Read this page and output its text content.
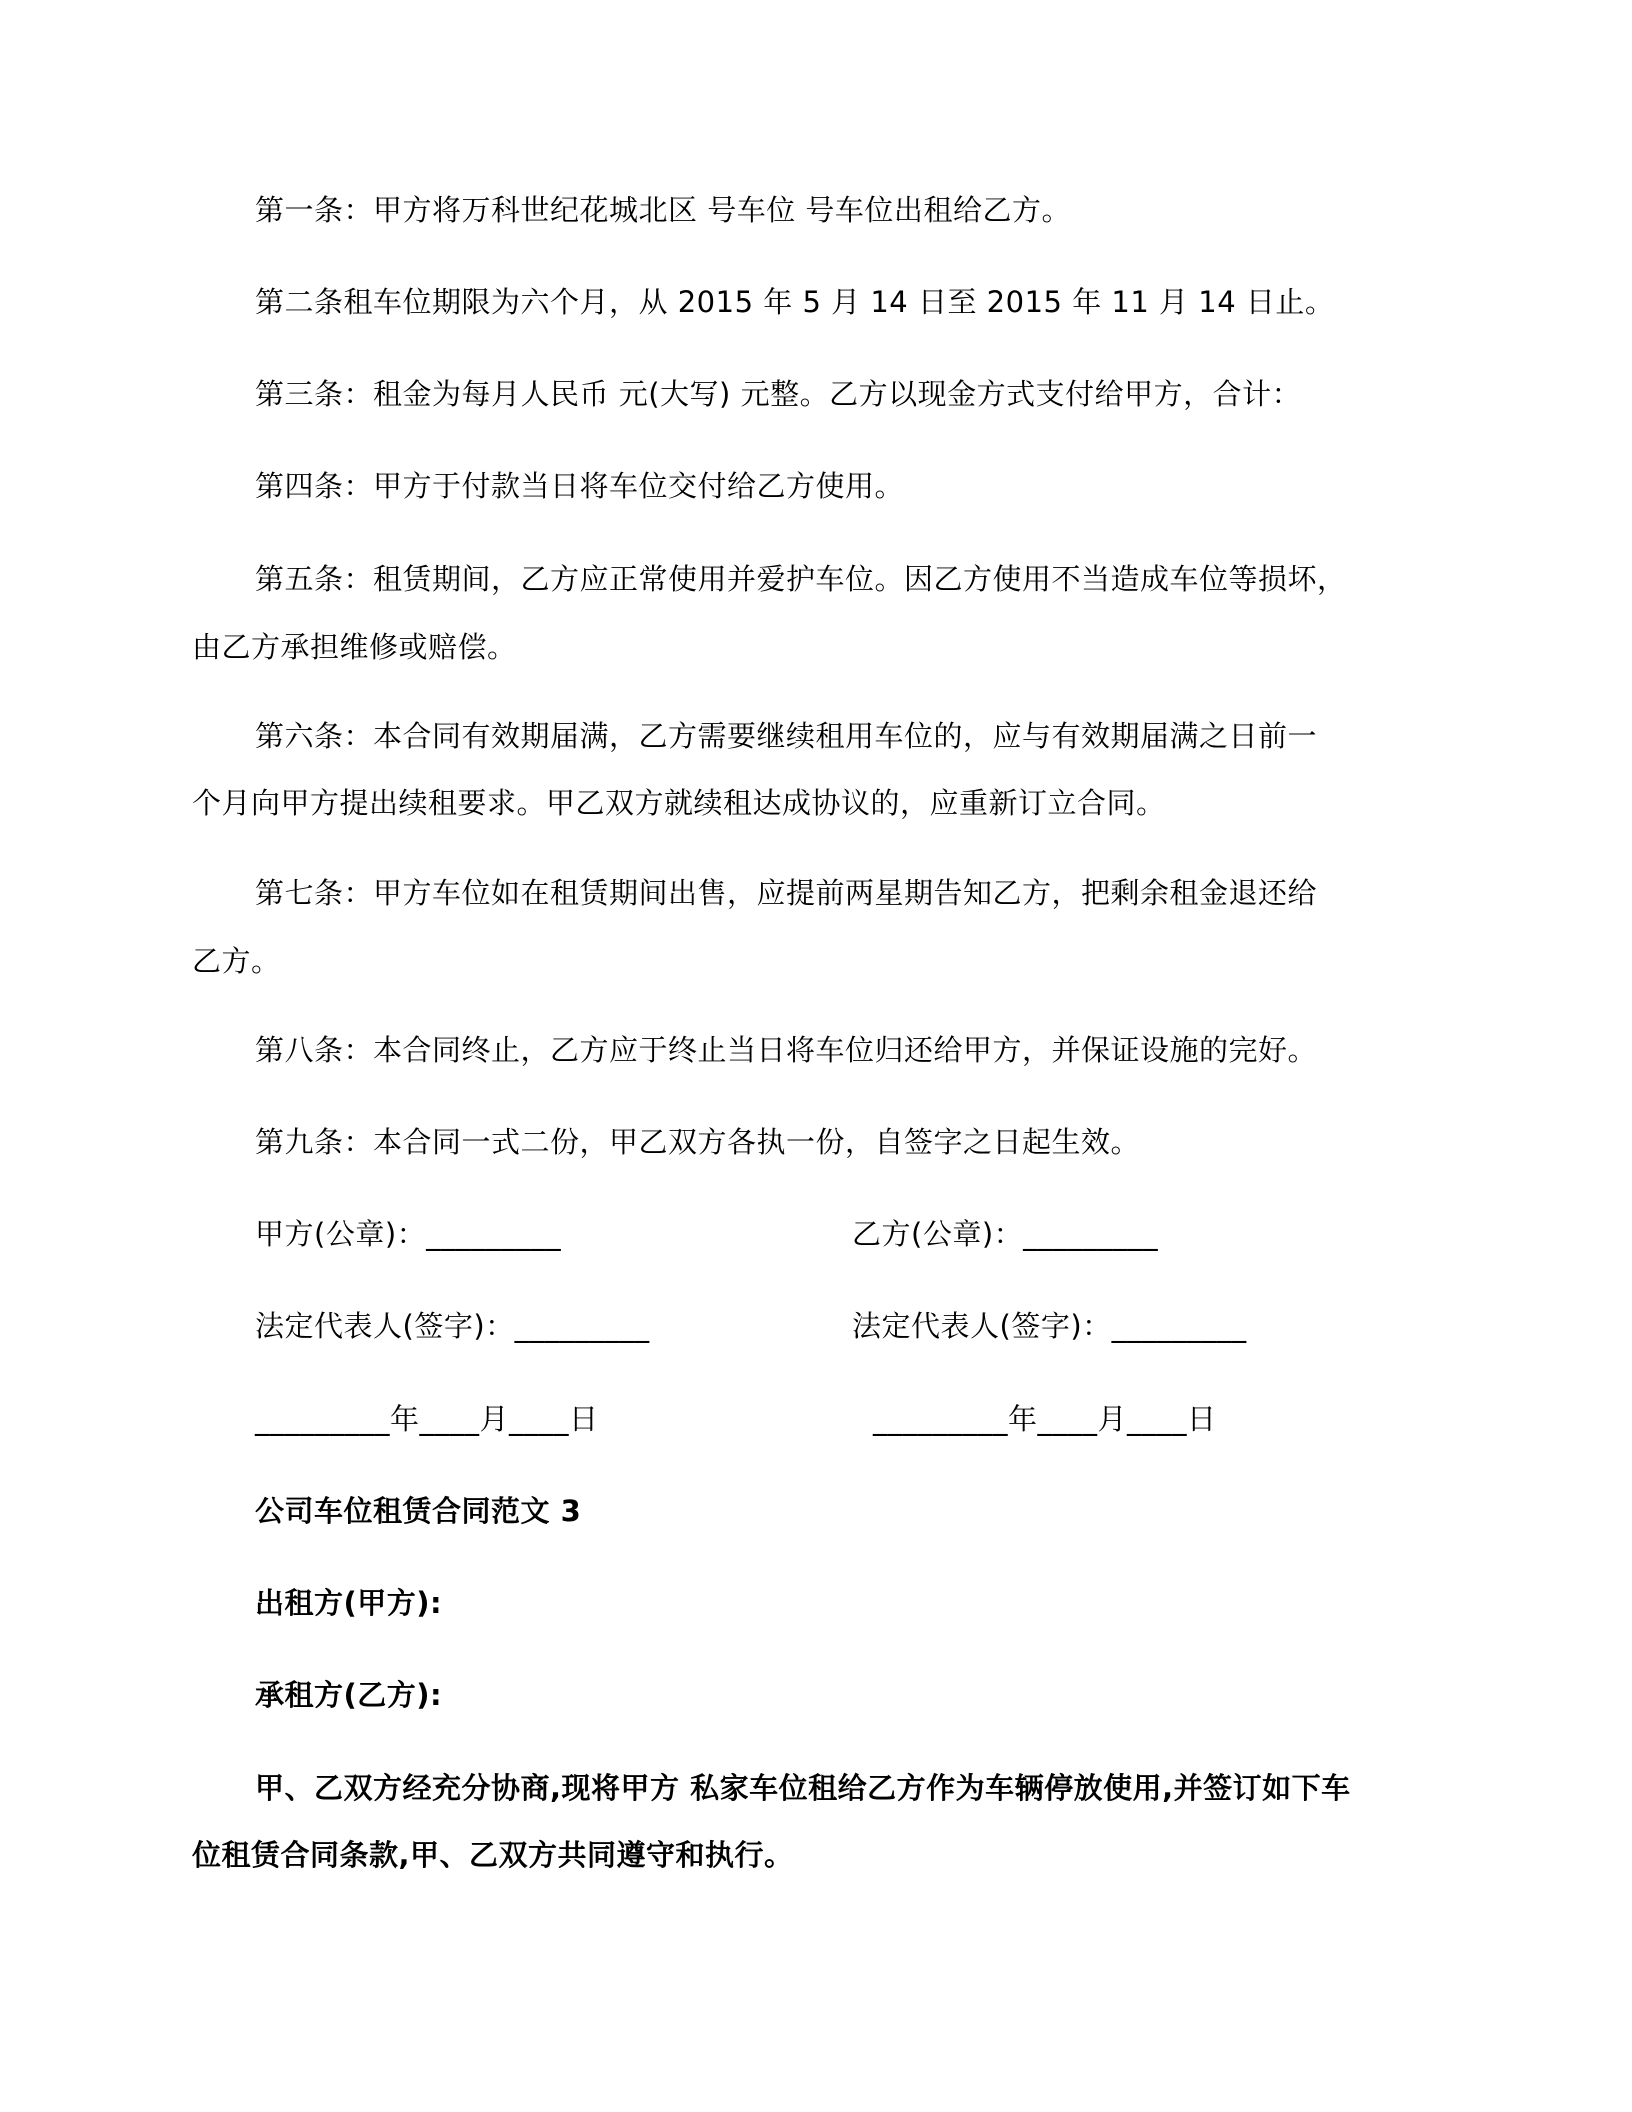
第一条：甲方将万科世纪花城北区 号车位 号车位出租给乙方。
第二条租车位期限为六个月，从 2015 年 5 月 14 日至 2015 年 11 月 14 日止。
第三条：租金为每月人民币 元(大写) 元整。乙方以现金方式支付给甲方，合计：
第四条：甲方于付款当日将车位交付给乙方使用。
第五条：租赁期间，乙方应正常使用并爱护车位。因乙方使用不当造成车位等损坏，
由乙方承担维修或赔偿。
第六条：本合同有效期届满，乙方需要继续租用车位的，应与有效期届满之日前一
个月向甲方提出续租要求。甲乙双方就续租达成协议的，应重新订立合同。
第七条：甲方车位如在租赁期间出售，应提前两星期告知乙方，把剩余租金退还给
乙方。
第八条：本合同终止，乙方应于终止当日将车位归还给甲方，并保证设施的完好。
第九条：本合同一式二份，甲乙双方各执一份，自签字之日起生效。
甲方(公章)：_________	乙方(公章)：_________
法定代表人(签字)：_________	法定代表人(签字)：_________
_________年____月____日	_________年____月____日
公司车位租赁合同范文 3
出租方(甲方):
承租方(乙方):
甲、乙双方经充分协商,现将甲方 私家车位租给乙方作为车辆停放使用,并签订如下车
位租赁合同条款,甲、乙双方共同遵守和执行。
